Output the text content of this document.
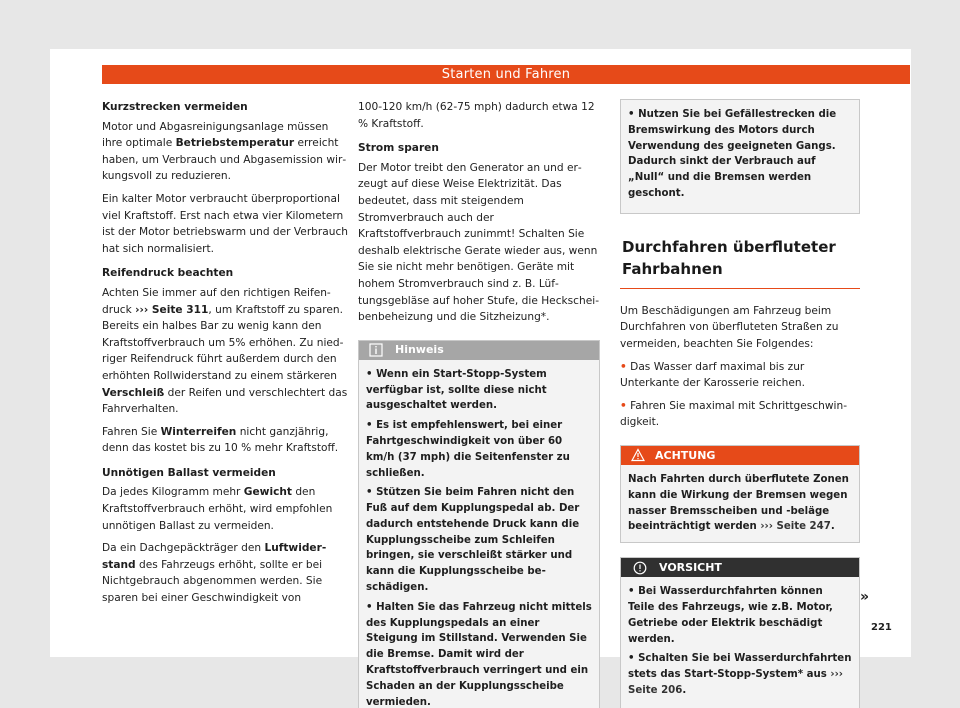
Starten und Fahren
Kurzstrecken vermeiden

Motor und Abgasreinigungsanlage müssen ihre optimale Betriebstemperatur erreicht haben, um Verbrauch und Abgasemission wirkungsvoll zu reduzieren.

Ein kalter Motor verbraucht überproportional viel Kraftstoff. Erst nach etwa vier Kilometern ist der Motor betriebswarm und der Verbrauch hat sich normalisiert.

Reifendruck beachten

Achten Sie immer auf den richtigen Reifendruck ››› Seite 311, um Kraftstoff zu sparen. Bereits ein halbes Bar zu wenig kann den Kraftstoffverbrauch um 5% erhöhen. Zu niedriger Reifendruck führt außerdem durch den erhöhten Rollwiderstand zu einem stärkeren Verschleiß der Reifen und verschlechtert das Fahrverhalten.

Fahren Sie Winterreifen nicht ganzjährig, denn das kostet bis zu 10 % mehr Kraftstoff.

Unnötigen Ballast vermeiden

Da jedes Kilogramm mehr Gewicht den Kraftstoffverbrauch erhöht, wird empfohlen unnötigen Ballast zu vermeiden.

Da ein Dachgepäckträger den Luftwiderstand des Fahrzeugs erhöht, sollte er bei Nichtgebrauch abgenommen werden. Sie sparen bei einer Geschwindigkeit von

100-120 km/h (62-75 mph) dadurch etwa 12 % Kraftstoff.

Strom sparen

Der Motor treibt den Generator an und erzeugt auf diese Weise Elektrizität. Das bedeutet, dass mit steigendem Stromverbrauch auch der Kraftstoffverbrauch zunimmt! Schalten Sie deshalb elektrische Gerate wieder aus, wenn Sie sie nicht mehr benötigen. Geräte mit hohem Stromverbrauch sind z. B. Lüftungsgebläse auf hoher Stufe, die Heckscheibenbeheizung und die Sitzheizung*.

Hinweis
• Wenn ein Start-Stopp-System verfügbar ist, sollte diese nicht ausgeschaltet werden.
• Es ist empfehlenswert, bei einer Fahrtgeschwindigkeit von über 60 km/h (37 mph) die Seitenfenster zu schließen.
• Stützen Sie beim Fahren nicht den Fuß auf dem Kupplungspedal ab. Der dadurch entstehende Druck kann die Kupplungsscheibe zum Schleifen bringen, sie verschleißt stärker und kann die Kupplungsscheibe beschädigen.
• Halten Sie das Fahrzeug nicht mittels des Kupplungspedals an einer Steigung im Stillstand. Verwenden Sie die Bremse. Damit wird der Kraftstoffverbrauch verringert und ein Schaden an der Kupplungsscheibe vermieden.
• Nutzen Sie bei Gefällestrecken die Bremswirkung des Motors durch Verwendung des geeigneten Gangs. Dadurch sinkt der Verbrauch auf „Null“ und die Bremsen werden geschont.
Durchfahren überfluteter Fahrbahnen

Um Beschädigungen am Fahrzeug beim Durchfahren von überfluteten Straßen zu vermeiden, beachten Sie Folgendes:

• Das Wasser darf maximal bis zur Unterkante der Karosserie reichen.

• Fahren Sie maximal mit Schrittgeschwindigkeit.

ACHTUNG
Nach Fahrten durch überflutete Zonen kann die Wirkung der Bremsen wegen nasser Bremsscheiben und -beläge beeinträchtigt werden ››› Seite 247.
VORSICHT
• Bei Wasserdurchfahrten können Teile des Fahrzeugs, wie z.B. Motor, Getriebe oder Elektrik beschädigt werden.
• Schalten Sie bei Wasserdurchfahrten stets das Start-Stopp-System* aus ››› Seite 206.
»
221
